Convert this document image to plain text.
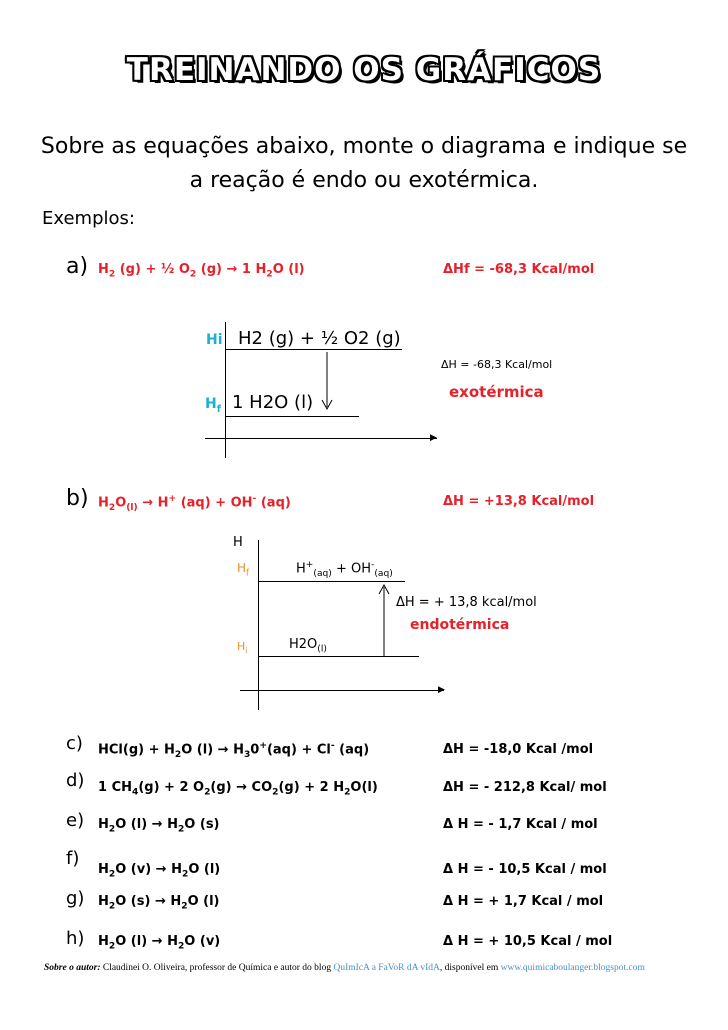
TREINANDO OS GRÁFICOS
Sobre as equações abaixo, monte o diagrama e indique se a reação é endo ou exotérmica.
Exemplos:
a) $H_2$ (g) + ½ $O_2$ (g) → 1 $H_2O$ (l)	ΔHf = -68,3 Kcal/mol
▶
Hi
$H_f$
H2 (g) + ½ O2 (g)
1 H2O (l)
ΔH = -68,3 Kcal/mol
exotérmica
b) $H_2O_{(l)} \to H^+$ (aq) + OH- (aq)	ΔH = +13,8 Kcal/mol
▶
H
$H_f$
$H_i$
$H^+_{(aq)} + OH^-_{(aq)}$
$H2O_{(l)}$
ΔH = + 13,8 kcal/mol
endotérmica
c) $HCl(g) + H_2O$ $(l) \to H_30^+(aq) + Cl^-$ (aq)	ΔH = -18,0 Kcal /mol
d) 1 $CH_4(g) + 2$ $O_2(g) \to CO_2(g) + 2$ $H_2O(l)$	ΔH = - 212,8 Kcal/ mol
e) $H_2O$ $(l) \to H_2O$ (s)	Δ H = - 1,7 Kcal / mol
f)
$H_2O$ $(v) \to H_2O$ (l)	Δ H = - 10,5 Kcal / mol
g) $H_2O$ $(s) \to H_2O$ (l)	Δ H = + 1,7 Kcal / mol
h) $H_2O$ $(l) \to H_2O$ (v)	Δ H = + 10,5 Kcal / mol
Sobre o autor: Claudinei O. Oliveira, professor de Química e autor do blog QuImIcA a FaVoR dA vIdA, disponível em www.quimicaboulanger.blogspot.com
